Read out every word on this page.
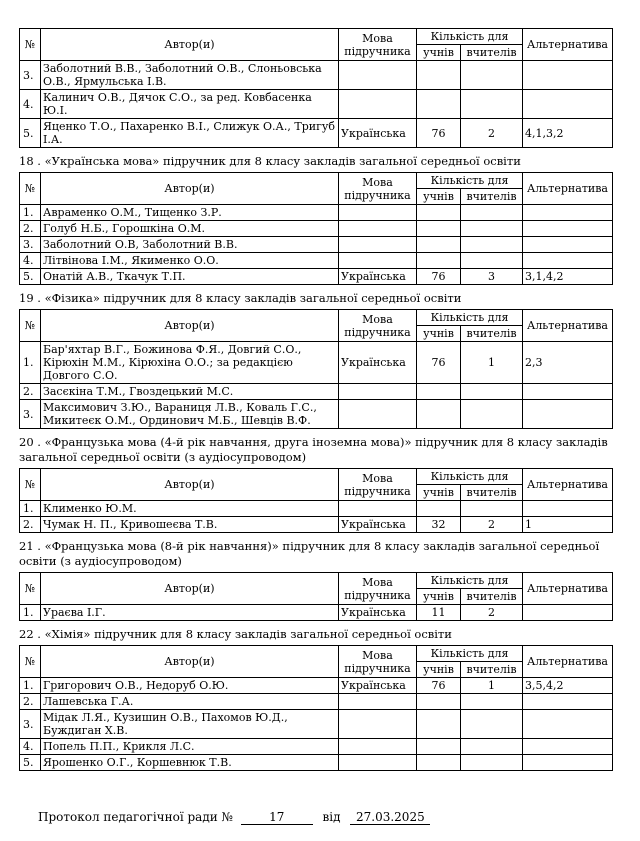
№	Автор(и)	Мова підручника	Кількість для		Альтернатива
			учнів	вчителів	
3.	Заболотний В.В., Заболотний О.В., Слоньовська О.В., Ярмульська І.В.				
4.	Калинич О.В., Дячок С.О., за ред. Ковбасенка Ю.І.				
5.	Яценко Т.О., Пахаренко В.І., Слижук О.А., Тригуб І.А.	Українська	76	2	4,1,3,2
18 . «Українська мова» підручник для 8 класу закладів загальної середньої освіти
№	Автор(и)	Мова підручника	Кількість для		Альтернатива
			учнів	вчителів	
1.	Авраменко О.М., Тищенко З.Р.				
2.	Голуб Н.Б., Горошкіна О.М.				
3.	Заболотний О.В, Заболотний В.В.				
4.	Літвінова І.М., Якименко О.О.				
5.	Онатій А.В., Ткачук Т.П.	Українська	76	3	3,1,4,2
19 . «Фізика» підручник для 8 класу закладів загальної середньої освіти
№	Автор(и)	Мова підручника	Кількість для		Альтернатива
			учнів	вчителів	
1.	Бар'яхтар В.Г., Божинова Ф.Я., Довгий С.О., Кірюхін М.М., Кірюхіна О.О.; за редакцією Довгого С.О.	Українська	76	1	2,3
2.	Засєкіна Т.М., Гвоздецький М.С.				
3.	Максимович З.Ю., Вараниця Л.В., Коваль Г.С., Микитеєк О.М., Ординович М.Б., Шевців В.Ф.				
20 . «Французька мова (4-й рік навчання, друга іноземна мова)» підручник для 8 класу закладів загальної середньої освіти (з аудіосупроводом)
№	Автор(и)	Мова підручника	Кількість для		Альтернатива
			учнів	вчителів	
1.	Клименко Ю.М.				
2.	Чумак Н. П., Кривошеєва Т.В.	Українська	32	2	1
21 . «Французька мова (8-й рік навчання)» підручник для 8 класу закладів загальної середньої освіти (з аудіосупроводом)
№	Автор(и)	Мова підручника	Кількість для		Альтернатива
			учнів	вчителів	
1.	Ураєва І.Г.	Українська	11	2	
22 . «Хімія» підручник для 8 класу закладів загальної середньої освіти
№	Автор(и)	Мова підручника	Кількість для		Альтернатива
			учнів	вчителів	
1.	Григорович О.В., Недоруб О.Ю.	Українська	76	1	3,5,4,2
2.	Лашевська Г.А.				
3.	Мідак Л.Я., Кузишин О.В., Пахомов Ю.Д., Буждиган Х.В.				
4.	Попель П.П., Крикля Л.С.				
5.	Ярошенко О.Г., Коршевнюк Т.В.				
Протокол педагогічної ради №	17	від 27.03.2025
